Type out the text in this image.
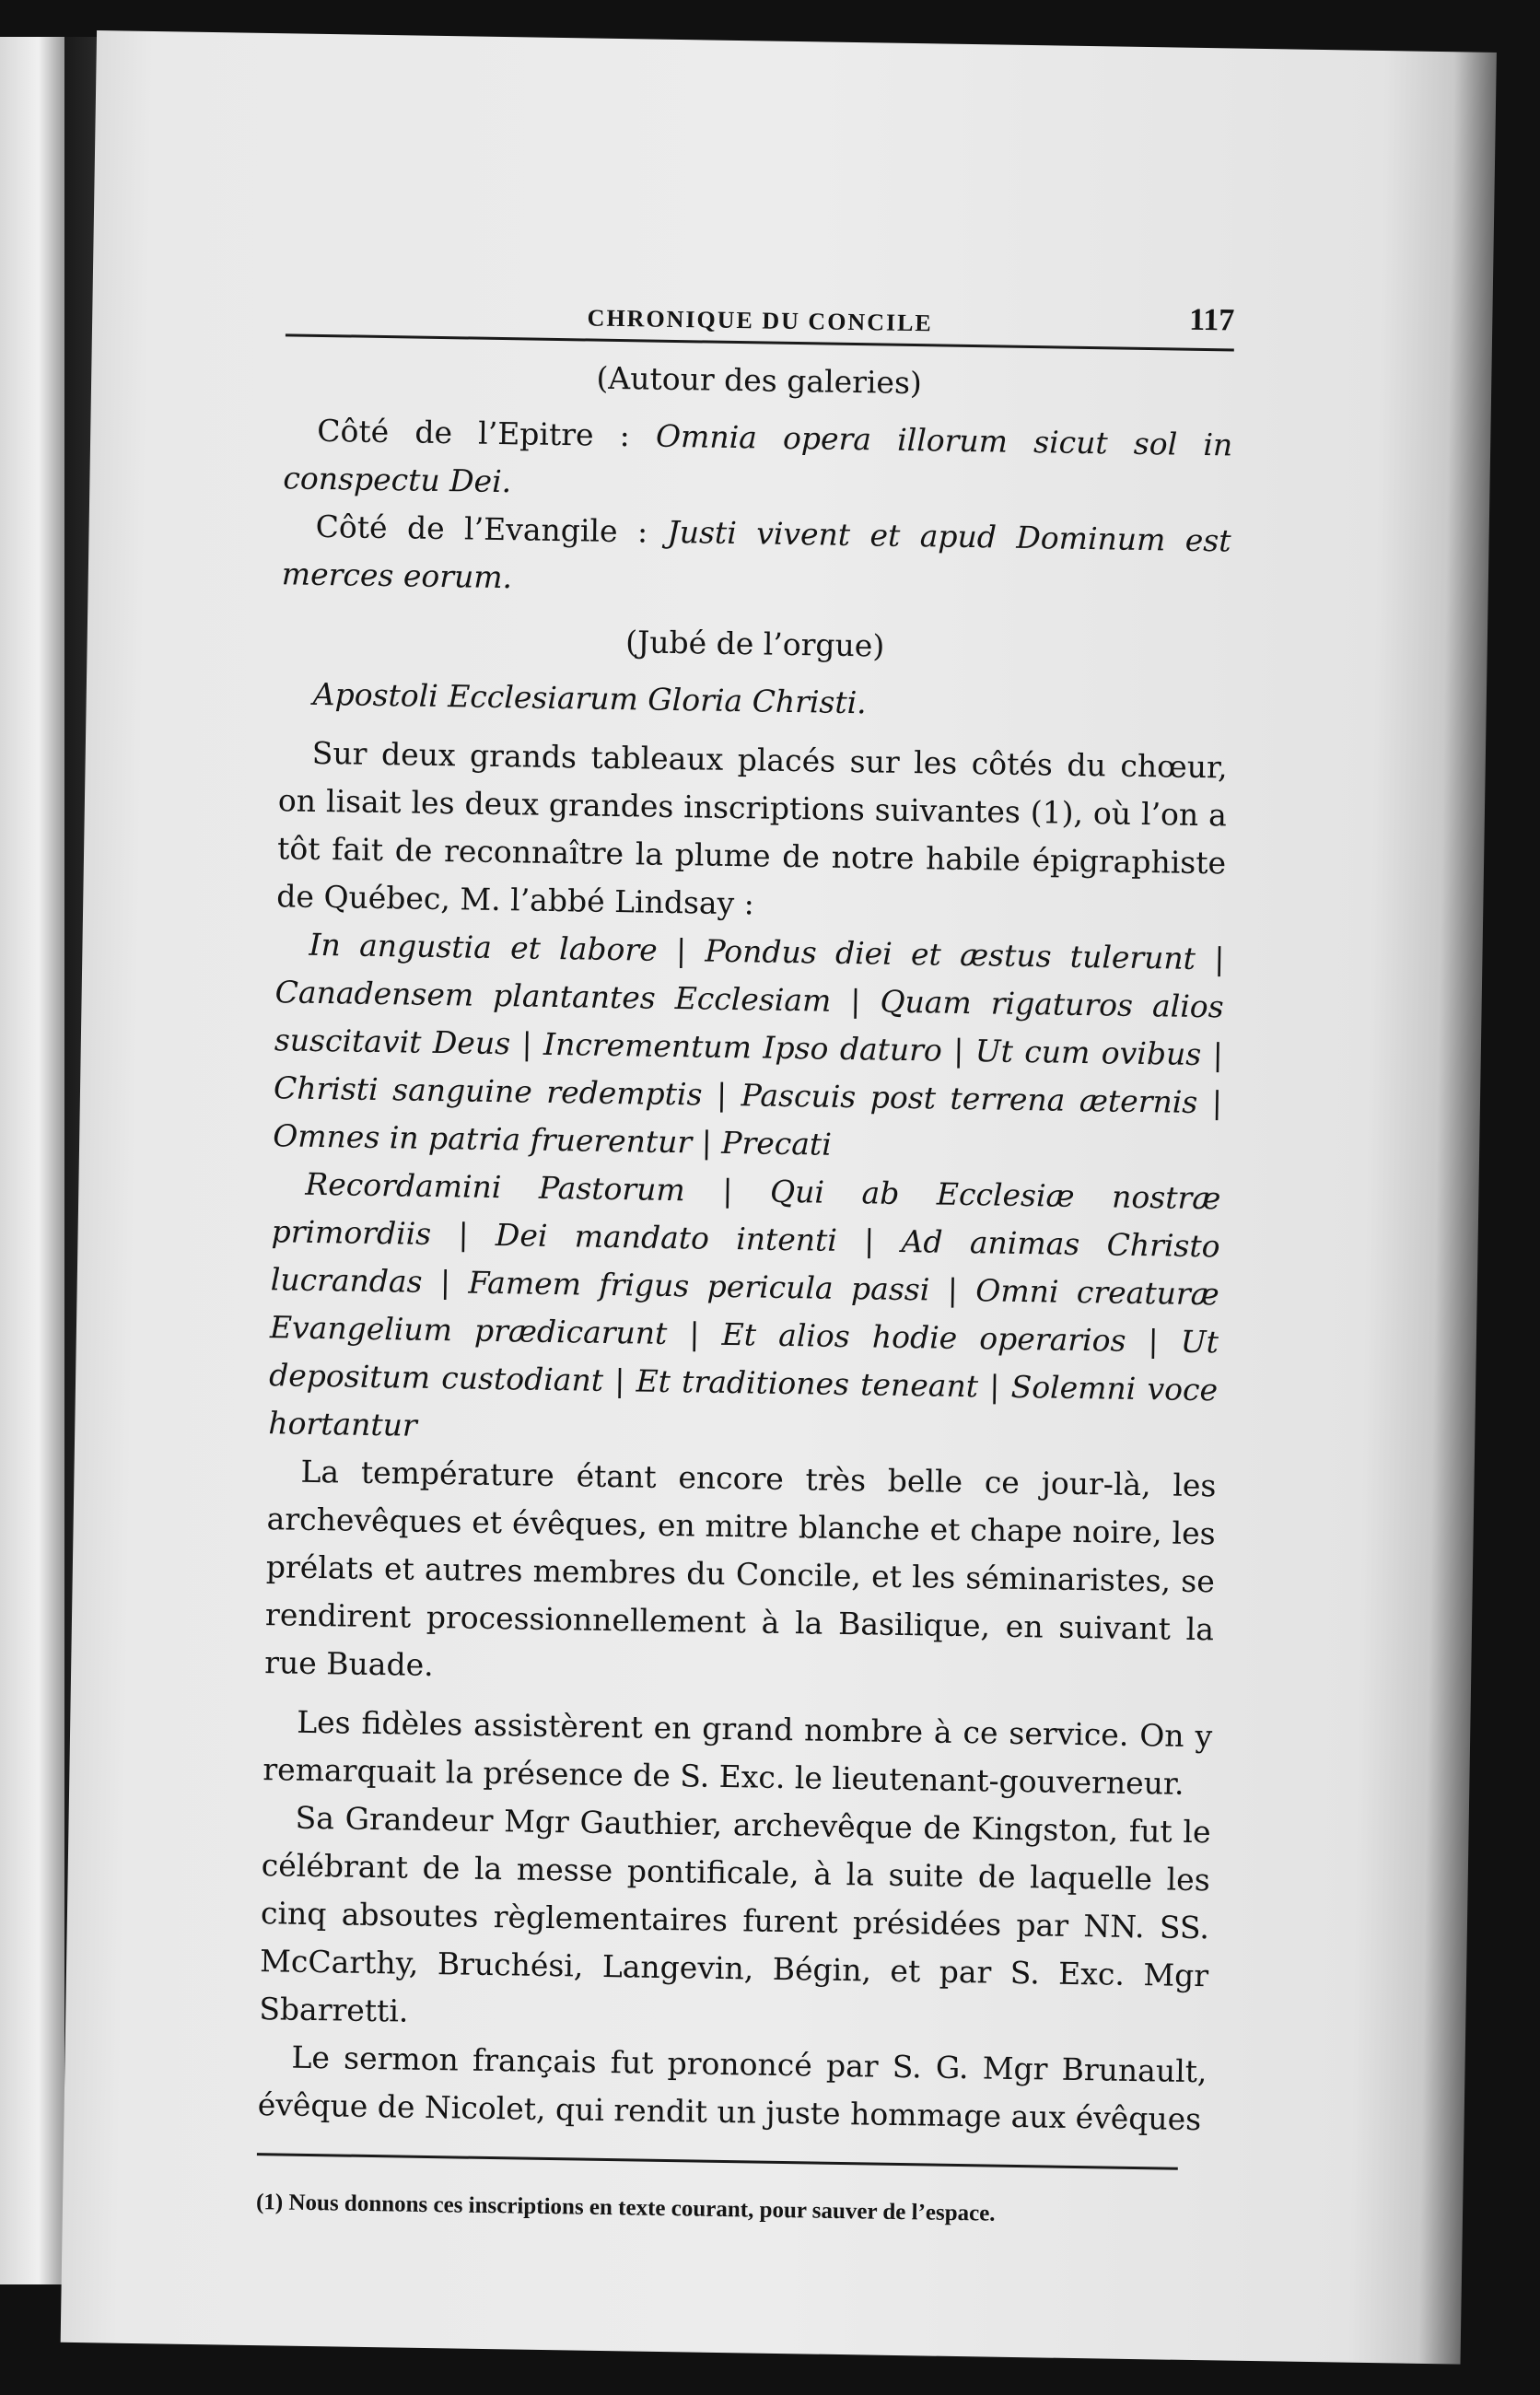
CHRONIQUE DU CONCILE	117
(Autour des galeries)

Côté de l’Epitre : Omnia opera illorum sicut sol in conspectu Dei.

Côté de l’Evangile : Justi vivent et apud Dominum est merces eorum.

(Jubé de l’orgue)

Apostoli Ecclesiarum Gloria Christi.

Sur deux grands tableaux placés sur les côtés du chœur, on lisait les deux grandes inscriptions suivantes (1), où l’on a tôt fait de reconnaître la plume de notre habile épigraphiste de Québec, M. l’abbé Lindsay :

In angustia et labore | Pondus diei et æstus tulerunt | Canadensem plantantes Ecclesiam | Quam rigaturos alios suscitavit Deus | Incrementum Ipso daturo | Ut cum ovibus | Christi sanguine redemptis | Pascuis post terrena æternis | Omnes in patria fruerentur | Precati

Recordamini Pastorum | Qui ab Ecclesiæ nostræ primordiis | Dei mandato intenti | Ad animas Christo lucrandas | Famem frigus pericula passi | Omni creaturæ Evangelium prædicarunt | Et alios hodie operarios | Ut depositum custodiant | Et traditiones teneant | Solemni voce hortantur

La température étant encore très belle ce jour-là, les archevêques et évêques, en mitre blanche et chape noire, les prélats et autres membres du Concile, et les séminaristes, se rendirent processionnellement à la Basilique, en suivant la rue Buade.

Les fidèles assistèrent en grand nombre à ce service. On y remarquait la présence de S. Exc. le lieutenant-gouverneur.

Sa Grandeur Mgr Gauthier, archevêque de Kingston, fut le célébrant de la messe pontificale, à la suite de laquelle les cinq absoutes règlementaires furent présidées par NN. SS. McCarthy, Bruchési, Langevin, Bégin, et par S. Exc. Mgr Sbarretti.

Le sermon français fut prononcé par S. G. Mgr Brunault, évêque de Nicolet, qui rendit un juste hommage aux évêques

(1) Nous donnons ces inscriptions en texte courant, pour sauver de l’espace.
